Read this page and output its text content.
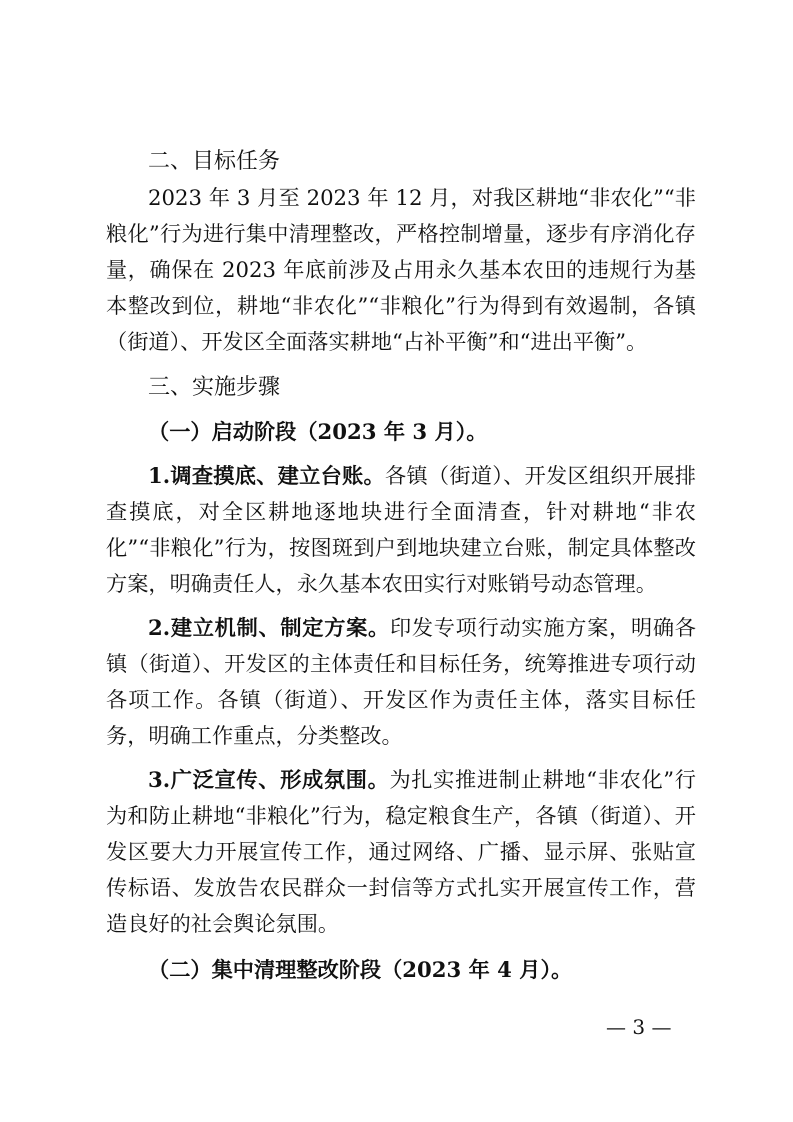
二、目标任务

2023 年 3 月至 2023 年 12 月，对我区耕地“非农化”“非粮化”行为进行集中清理整改，严格控制增量，逐步有序消化存量，确保在 2023 年底前涉及占用永久基本农田的违规行为基本整改到位，耕地“非农化”“非粮化”行为得到有效遏制，各镇（街道）、开发区全面落实耕地“占补平衡”和“进出平衡”。

三、实施步骤
（一）启动阶段（2023 年 3 月）。

1.调查摸底、建立台账。各镇（街道）、开发区组织开展排查摸底，对全区耕地逐地块进行全面清查，针对耕地“非农化”“非粮化”行为，按图斑到户到地块建立台账，制定具体整改方案，明确责任人，永久基本农田实行对账销号动态管理。

2.建立机制、制定方案。印发专项行动实施方案，明确各镇（街道）、开发区的主体责任和目标任务，统筹推进专项行动各项工作。各镇（街道）、开发区作为责任主体，落实目标任务，明确工作重点，分类整改。

3.广泛宣传、形成氛围。为扎实推进制止耕地“非农化”行为和防止耕地“非粮化”行为，稳定粮食生产，各镇（街道）、开发区要大力开展宣传工作，通过网络、广播、显示屏、张贴宣传标语、发放告农民群众一封信等方式扎实开展宣传工作，营造良好的社会舆论氛围。

（二）集中清理整改阶段（2023 年 4 月）。
— 3 —
